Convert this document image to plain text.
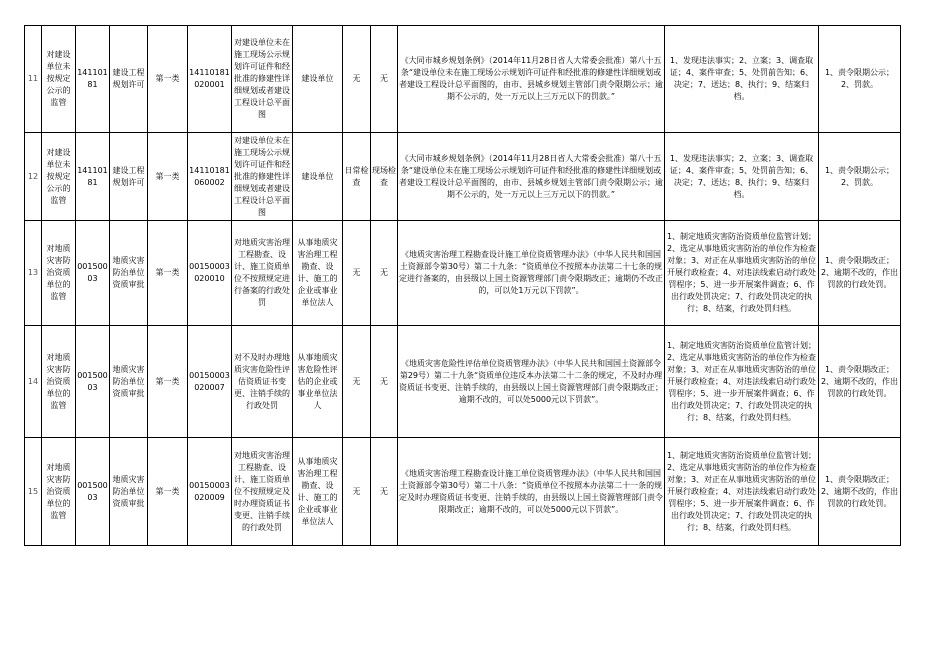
11	对建设单位未按规定公示的监管	14110181	建设工程规划许可	第一类	14110181020001	对建设单位未在施工现场公示规划许可证件和经批准的修建性详细规划或者建设工程设计总平面图	建设单位	无	无	《大同市城乡规划条例》（2014年11月28日省人大常委会批准）第八十五条“建设单位未在施工现场公示规划许可证件和经批准的修建性详细规划或者建设工程设计总平面图的，由市、县城乡规划主管部门责令限期公示；逾期不公示的，处一万元以上三万元以下的罚款。”	1、发现违法事实；2、立案；3、调查取证；4、案件审查；5、处罚前告知；6、决定；7、送达；8、执行；9、结案归档。	1、责令限期公示；2、罚款。
12	对建设单位未按规定公示的监管	14110181	建设工程规划许可	第一类	14110181060002	对建设单位未在施工现场公示规划许可证件和经批准的修建性详细规划或者建设工程设计总平面图	建设单位	日常检查	现场检查	《大同市城乡规划条例》（2014年11月28日省人大常委会批准）第八十五条“建设单位未在施工现场公示规划许可证件和经批准的修建性详细规划或者建设工程设计总平面图的，由市、县城乡规划主管部门责令限期公示；逾期不公示的，处一万元以上三万元以下的罚款。”	1、发现违法事实；2、立案；3、调查取证；4、案件审查；5、处罚前告知；6、决定；7、送达；8、执行；9、结案归档。	1、责令限期公示；2、罚款。
13	对地质灾害防治资质单位的监管	00150003	地质灾害防治单位资质审批	第一类	00150003020010	对地质灾害治理工程勘查、设计、施工资质单位不按照规定进行备案的行政处罚	从事地质灾害治理工程勘查、设计、施工的企业或事业单位法人	无	无	《地质灾害治理工程勘查设计施工单位资质管理办法》（中华人民共和国国土资源部令第30号）第二十九条：“资质单位不按照本办法第二十七条的规定进行备案的，由县级以上国土资源管理部门责令限期改正；逾期仍不改正的，可以处1万元以下罚款”。	1、制定地质灾害防治资质单位监管计划；2、选定从事地质灾害防治的单位作为检查对象；3、对正在从事地质灾害防治的单位开展行政检查；4、对违法线索启动行政处罚程序；5、进一步开展案件调查；6、作出行政处罚决定；7、行政处罚决定的执行；8、结案，行政处罚归档。	1、责令限期改正；2、逾期不改的，作出罚款的行政处罚。
14	对地质灾害防治资质单位的监管	00150003	地质灾害防治单位资质审批	第一类	00150003020007	对不及时办理地质灾害危险性评估资质证书变更、注销手续的行政处罚	从事地质灾害危险性评估的企业或事业单位法人	无	无	《地质灾害危险性评估单位资质管理办法》（中华人民共和国国土资源部令第29号）第二十九条“资质单位违反本办法第二十二条的规定，不及时办理资质证书变更、注销手续的，由县级以上国土资源管理部门责令限期改正；逾期不改的，可以处5000元以下罚款”。	1、制定地质灾害防治资质单位监管计划；2、选定从事地质灾害防治的单位作为检查对象；3、对正在从事地质灾害防治的单位开展行政检查；4、对违法线索启动行政处罚程序；5、进一步开展案件调查；6、作出行政处罚决定；7、行政处罚决定的执行；8、结案，行政处罚归档。	1、责令限期改正；2、逾期不改的，作出罚款的行政处罚。
15	对地质灾害防治资质单位的监管	00150003	地质灾害防治单位资质审批	第一类	00150003020009	对地质灾害治理工程勘查、设计、施工资质单位不按照规定及时办理资质证书变更、注销手续的行政处罚	从事地质灾害治理工程勘查、设计、施工的企业或事业单位法人	无	无	《地质灾害治理工程勘查设计施工单位资质管理办法》（中华人民共和国国土资源部令第30号）第二十八条：“资质单位不按照本办法第二十一条的规定及时办理资质证书变更、注销手续的，由县级以上国土资源管理部门责令限期改正；逾期不改的，可以处5000元以下罚款”。	1、制定地质灾害防治资质单位监管计划；2、选定从事地质灾害防治的单位作为检查对象；3、对正在从事地质灾害防治的单位开展行政检查；4、对违法线索启动行政处罚程序；5、进一步开展案件调查；6、作出行政处罚决定；7、行政处罚决定的执行；8、结案，行政处罚归档。	1、责令限期改正；2、逾期不改的，作出罚款的行政处罚。
